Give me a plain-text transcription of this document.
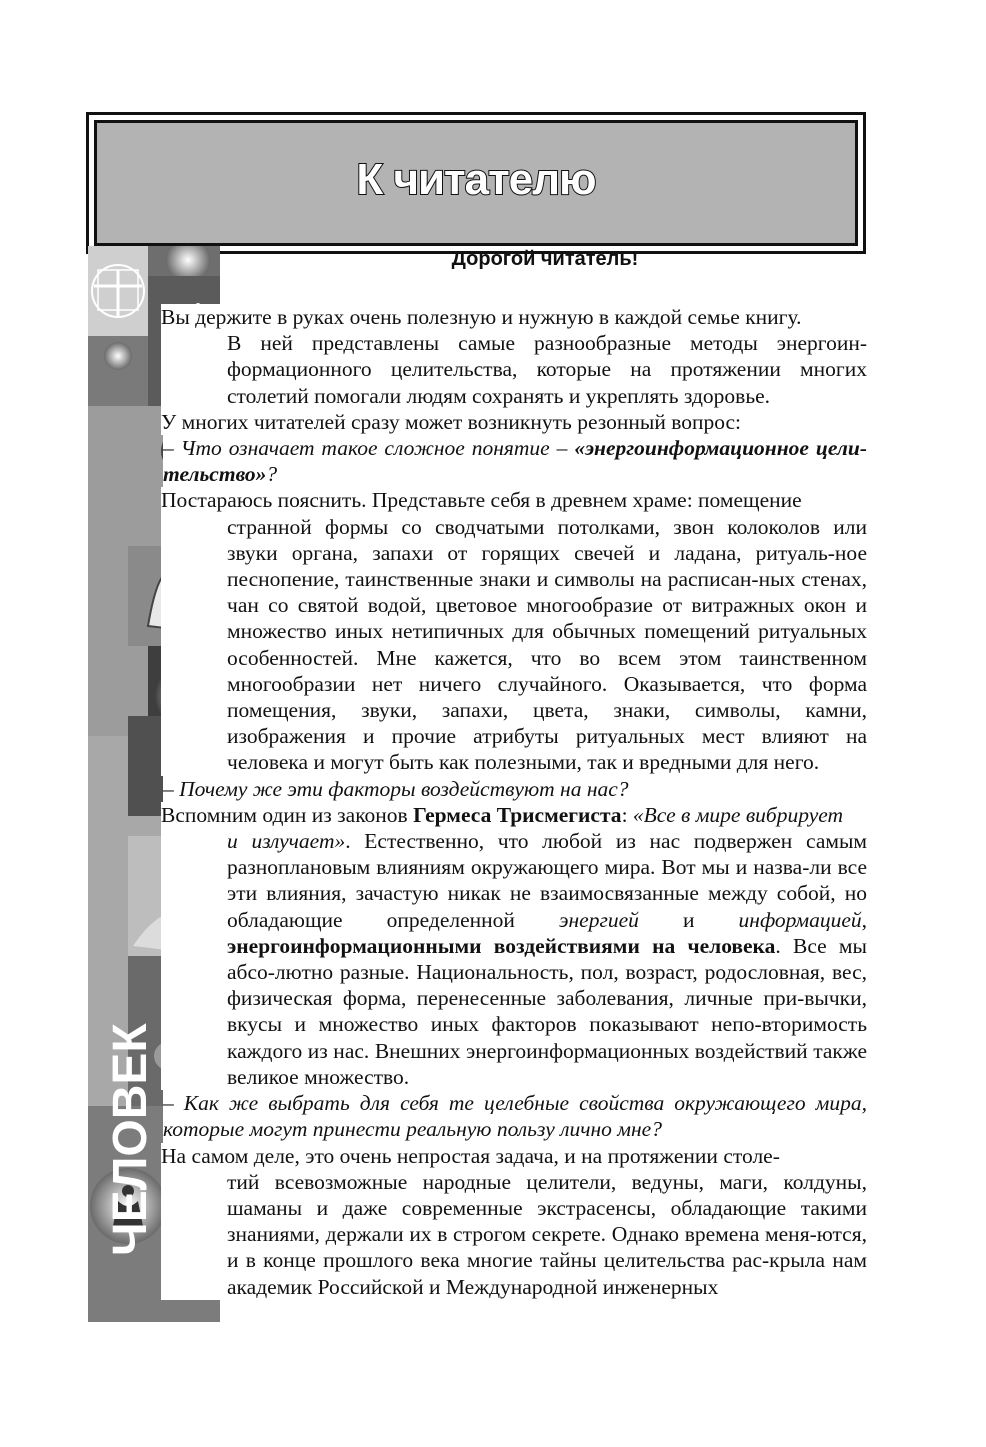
К читателю
ЧЕЛОВЕК
Дорогой читатель!

Вы держите в руках очень полезную и нужную в каждой семье книгу.
В ней представлены самые разнообразные методы энергоин-формационного целительства, которые на протяжении многих столетий помогали людям сохранять и укреплять здоровье.

У многих читателей сразу может возникнуть резонный вопрос:

– Что означает такое сложное понятие – «энергоинформационное цели-тельство»?

Постараюсь пояснить. Представьте себя в древнем храме: помещение
странной формы со сводчатыми потолками, звон колоколов или звуки органа, запахи от горящих свечей и ладана, ритуаль-ное песнопение, таинственные знаки и символы на расписан-ных стенах, чан со святой водой, цветовое многообразие от витражных окон и множество иных нетипичных для обычных помещений ритуальных особенностей. Мне кажется, что во всем этом таинственном многообразии нет ничего случайного. Оказывается, что форма помещения, звуки, запахи, цвета, знаки, символы, камни, изображения и прочие атрибуты ритуальных мест влияют на человека и могут быть как полезными, так и вредными для него.

– Почему же эти факторы воздействуют на нас?

Вспомним один из законов Гермеса Трисмегиста: «Все в мире вибрирует
и излучает». Естественно, что любой из нас подвержен самым разноплановым влияниям окружающего мира. Вот мы и назва-ли все эти влияния, зачастую никак не взаимосвязанные между собой, но обладающие определенной энергией и информацией, энергоинформационными воздействиями на человека. Все мы абсо-лютно разные. Национальность, пол, возраст, родословная, вес, физическая форма, перенесенные заболевания, личные при-вычки, вкусы и множество иных факторов показывают непо-вторимость каждого из нас. Внешних энергоинформационных воздействий также великое множество.

– Как же выбрать для себя те целебные свойства окружающего мира, которые могут принести реальную пользу лично мне?

На самом деле, это очень непростая задача, и на протяжении столе-
тий всевозможные народные целители, ведуны, маги, колдуны, шаманы и даже современные экстрасенсы, обладающие такими знаниями, держали их в строгом секрете. Однако времена меня-ются, и в конце прошлого века многие тайны целительства рас-крыла нам академик Российской и Международной инженерных
